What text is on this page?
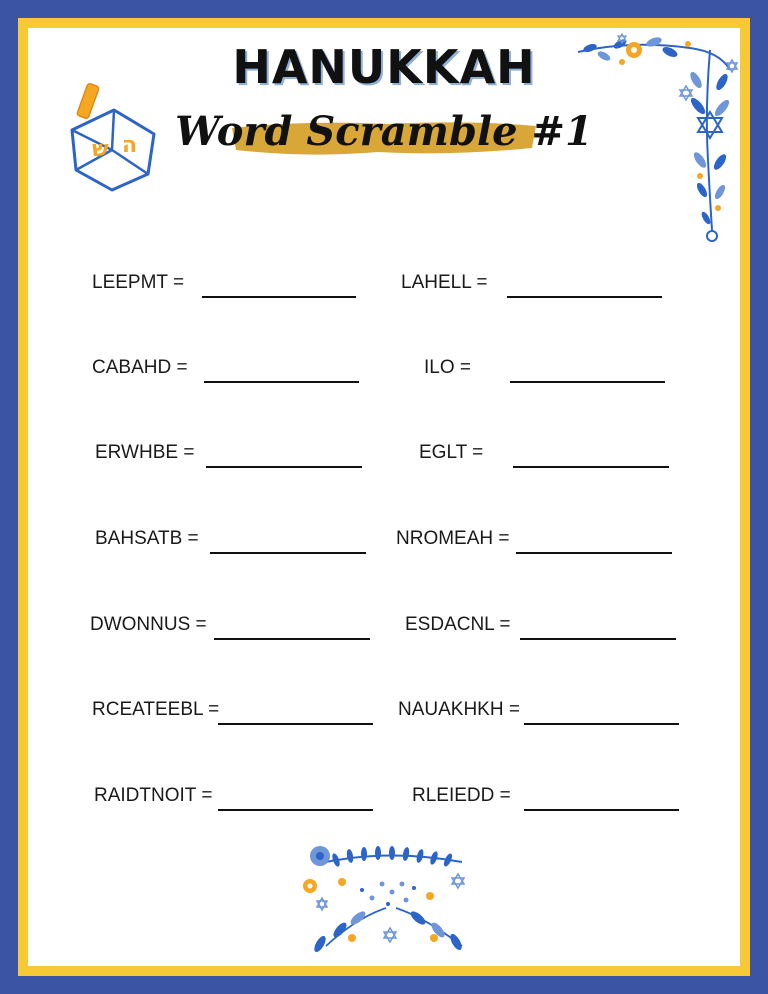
ש ה
HANUKKAH
Word Scramble #1
LEEPMT =	LAHELL =
CABAHD =	ILO =
ERWHBE =	EGLT =
BAHSATB =	NROMEAH =
DWONNUS =	ESDACNL =
RCEATEEBL =	NAUAKHKH =
RAIDTNOIT =	RLEIEDD =
